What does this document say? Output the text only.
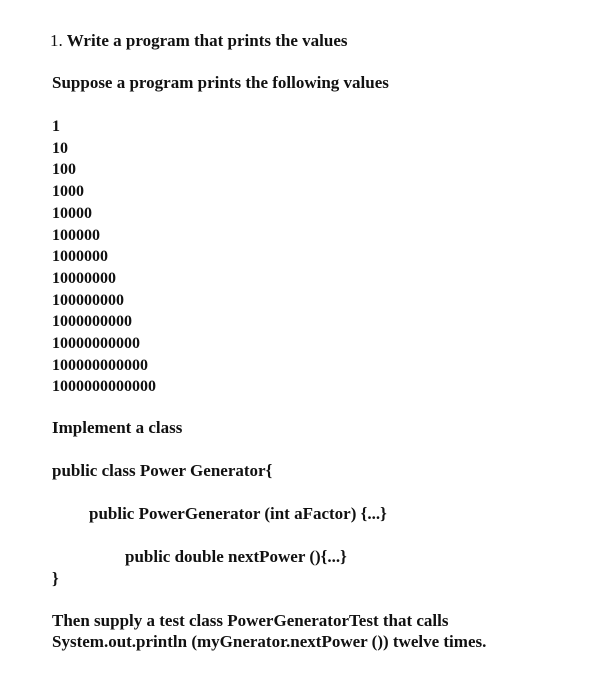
1. Write a program that prints the values
Suppose a program prints the following values
1
10
100
1000
10000
100000
1000000
10000000
100000000
1000000000
10000000000
100000000000
1000000000000
Implement a class
public class Power Generator{
public PowerGenerator (int aFactor) {...}
public double nextPower (){...}
}
Then supply a test class PowerGeneratorTest that calls
System.out.println (myGnerator.nextPower ()) twelve times.
